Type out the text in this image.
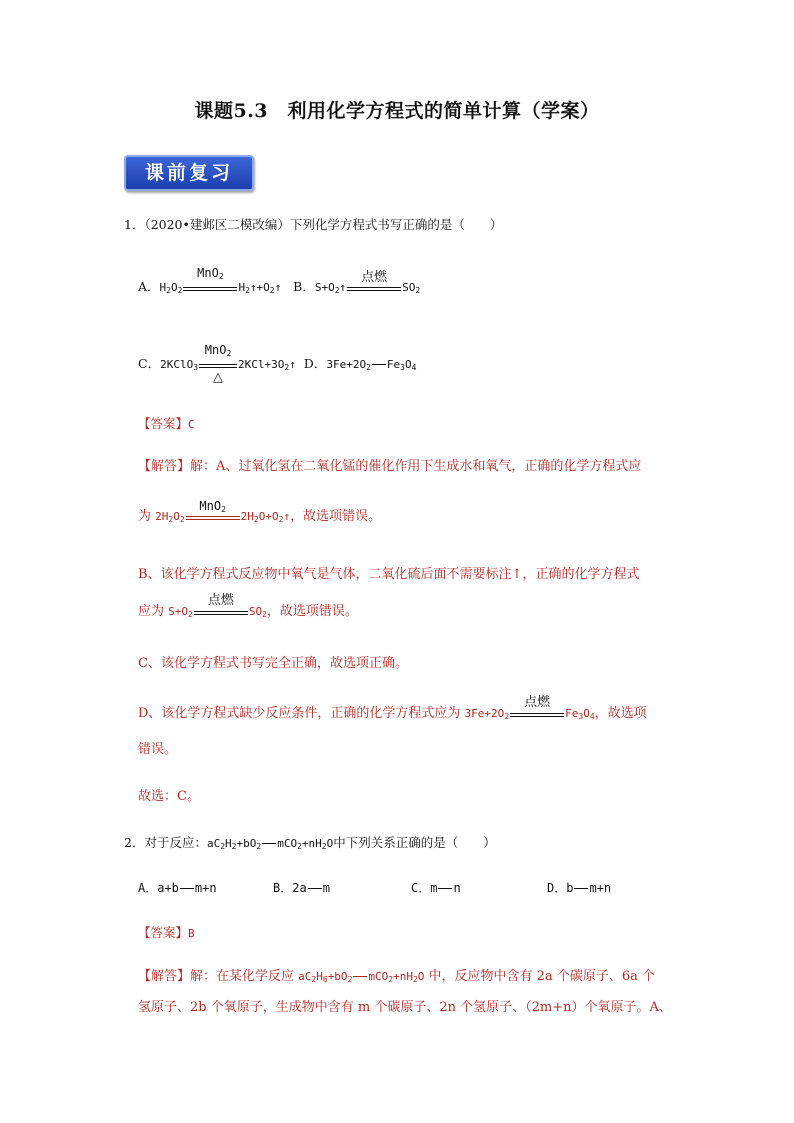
课题5.3　利用化学方程式的简单计算（学案）
课前复习
1．（2020•建邺区二模改编）下列化学方程式书写正确的是（　　）
A．$H_2O_2$
MnO$_2$
$H_2↑+O_2↑$ B．$S+O_2↑$
点燃
$SO_2$
C．2KClO$_3$
MnO$_2$
△
$2KCl+3O_2↑$ D．$3Fe+2O_2$ $Fe_3O_4$
【答案】C
【解答】解：A、过氧化氢在二氧化锰的催化作用下生成水和氧气，正确的化学方程式应
为 $2H_2O_2$
MnO$_2$
$2H_2O+O_2↑$，故选项错误。
B、该化学方程式反应物中氧气是气体，二氧化硫后面不需要标注↑，正确的化学方程式
应为 $S+O_2$
点燃
$SO_2$，故选项错误。
C、该化学方程式书写完全正确，故选项正确。
D、该化学方程式缺少反应条件，正确的化学方程式应为 $3Fe+2O_2$
点燃
$Fe_3O_4$，故选项
错误。
故选：C。
2．对于反应：$aC_2H_2+bO_2$ $mCO_2+nH_2O$中下列关系正确的是（　　）
A．a+b m+n	B．2a m	C．m n	D．b m+n
【答案】B
【解答】解：在某化学反应 $aC_2H_6+bO_2$ $mCO_2+nH_2O$ 中，反应物中含有 2a 个碳原子、6a 个
氢原子、2b 个氧原子，生成物中含有 m 个碳原子、2n 个氢原子、（2m+n）个氧原子。A、
